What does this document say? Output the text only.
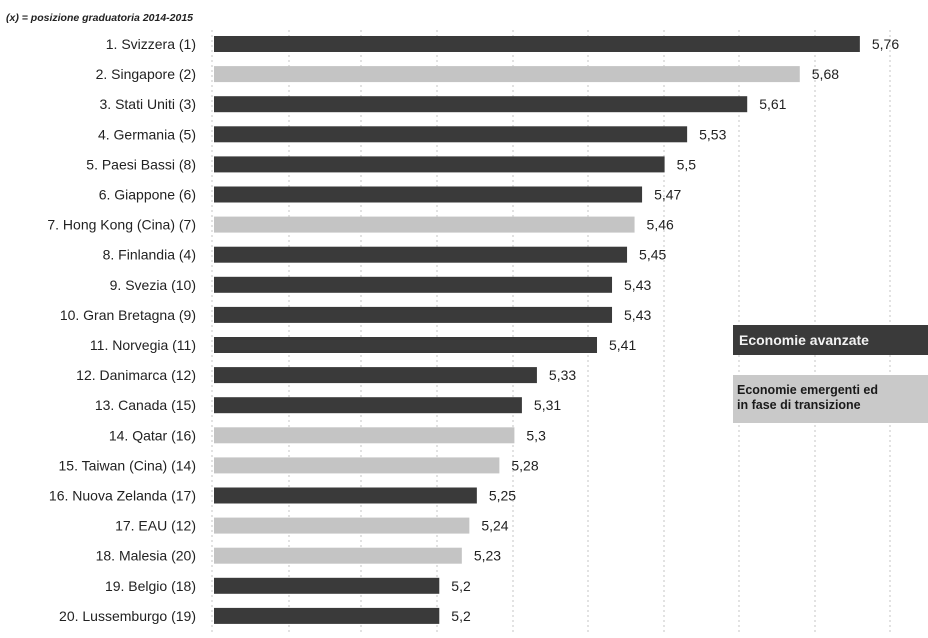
(x) = posizione graduatoria 2014-2015
1. Svizzera (1)	5,76
2. Singapore (2)	5,68
3. Stati Uniti (3)	5,61
4. Germania (5)	5,53
5. Paesi Bassi (8)	5,5
6. Giappone (6)	5,47
7. Hong Kong (Cina) (7)	5,46
8. Finlandia (4)	5,45
9. Svezia (10)	5,43
10. Gran Bretagna (9)	5,43
11. Norvegia (11)	5,41
12. Danimarca (12)	5,33
13. Canada (15)	5,31
14. Qatar (16)	5,3
15. Taiwan (Cina) (14)	5,28
16. Nuova Zelanda (17)	5,25
17. EAU (12)	5,24
18. Malesia (20)	5,23
19. Belgio (18)	5,2
20. Lussemburgo (19)	5,2
Economie avanzate
Economie emergenti ed
in fase di transizione
